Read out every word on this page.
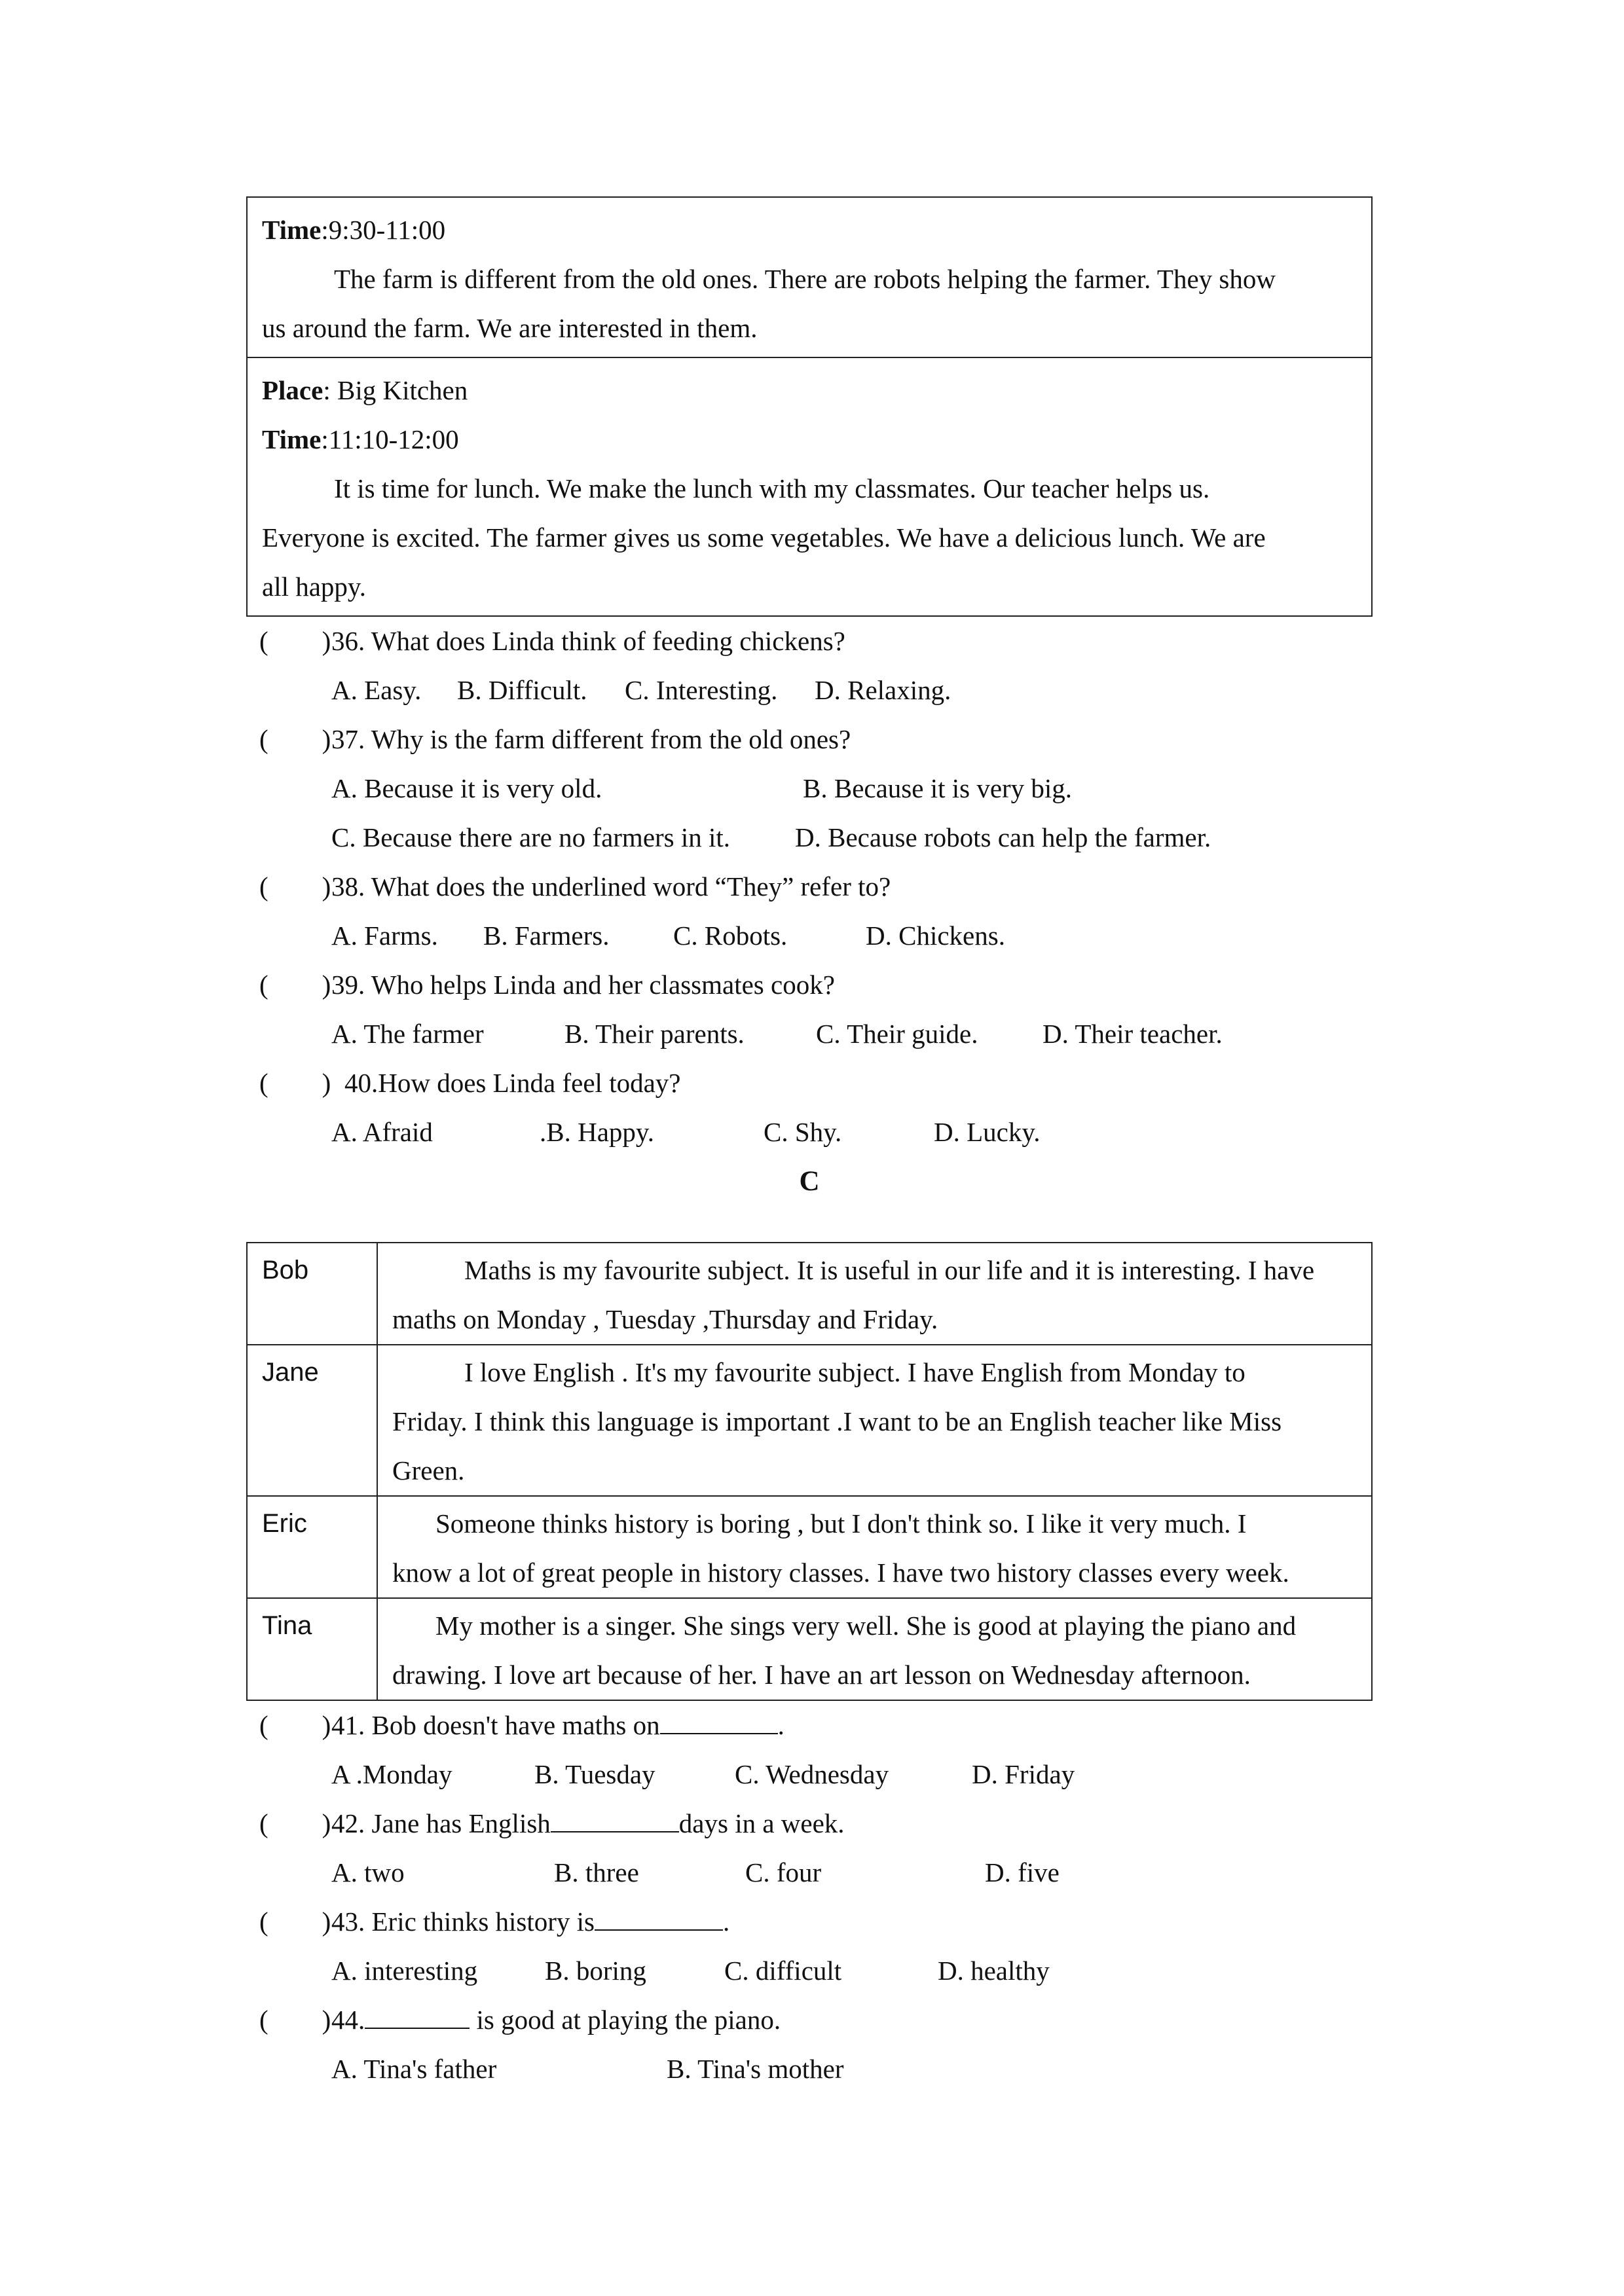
Time:9:30-11:00
The farm is different from the old ones. There are robots helping the farmer. They show
us around the farm. We are interested in them.
Place: Big Kitchen
Time:11:10-12:00
It is time for lunch. We make the lunch with my classmates. Our teacher helps us.
Everyone is excited. The farmer gives us some vegetables. We have a delicious lunch. We are
all happy.
(　　) 36. What does Linda think of feeding chickens?
A. Easy. B. Difficult. C. Interesting. D. Relaxing.
(　　) 37. Why is the farm different from the old ones?
A. Because it is very old.	B. Because it is very big.
C. Because there are no farmers in it. D. Because robots can help the farmer.
(　　) 38. What does the underlined word “They” refer to?
A. Farms. B. Farmers. C. Robots.	D. Chickens.
(　　) 39. Who helps Linda and her classmates cook?
A. The farmer	B. Their parents.	C. Their guide. D. Their teacher.
(　　) 40.How does Linda feel today?
A. Afraid	.B. Happy.	C. Shy.	D. Lucky.
C
Bob	Maths is my favourite subject. It is useful in our life and it is interesting. I have
maths on Monday , Tuesday ,Thursday and Friday.

Jane	I love English . It's my favourite subject. I have English from Monday to
Friday. I think this language is important .I want to be an English teacher like Miss
Green.

Eric	Someone thinks history is boring , but I don't think so. I like it very much. I
know a lot of great people in history classes. I have two history classes every week.

Tina	My mother is a singer. She sings very well. She is good at playing the piano and
drawing. I love art because of her. I have an art lesson on Wednesday afternoon.
(　　) 41. Bob doesn't have maths on	.
A .Monday	B. Tuesday	C. Wednesday	D. Friday
(　　) 42. Jane has English	days in a week.
A. two	B. three	C. four	D. five
(　　) 43. Eric thinks history is	.
A. interesting	B. boring	C. difficult	D. healthy
(　　) 44.	is good at playing the piano.
A. Tina's father	B. Tina's mother
